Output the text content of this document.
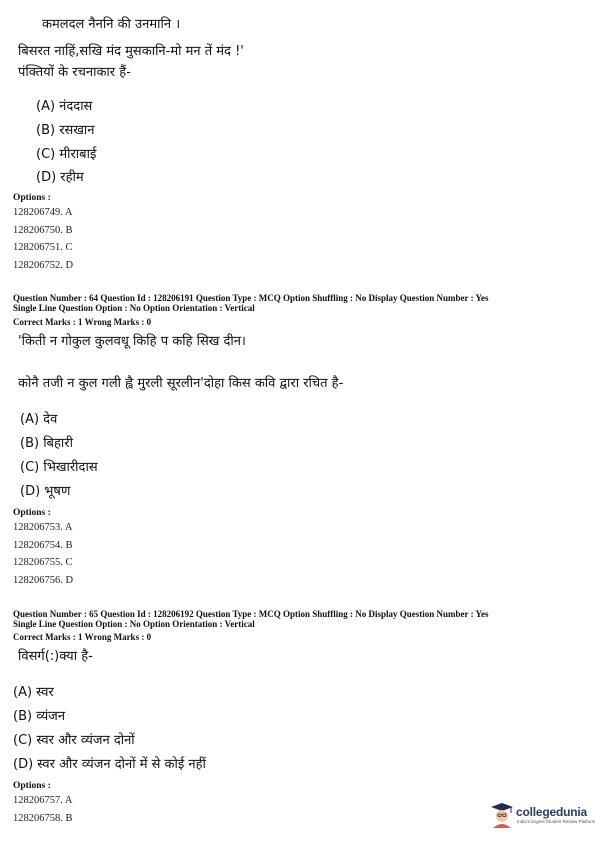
कमलदल नैननि की उनमानि ।
बिसरत नाहिं,सखि मंद मुसकानि-मो मन तें मंद !'
पंक्तियों के रचनाकार हैं-
(A) नंददास
(B) रसखान
(C) मीराबाई
(D) रहीम
Options :
128206749. A
128206750. B
128206751. C
128206752. D
Question Number : 64 Question Id : 128206191 Question Type : MCQ Option Shuffling : No Display Question Number : Yes
Single Line Question Option : No Option Orientation : Vertical
Correct Marks : 1 Wrong Marks : 0
'किती न गोकुल कुलवधू किहि प कहि सिख दीन।
कोनै तजी न कुल गली ह्वै मुरली सूरलीन'दोहा किस कवि द्वारा रचित है-
(A) देव
(B) बिहारी
(C) भिखारीदास
(D) भूषण
Options :
128206753. A
128206754. B
128206755. C
128206756. D
Question Number : 65 Question Id : 128206192 Question Type : MCQ Option Shuffling : No Display Question Number : Yes
Single Line Question Option : No Option Orientation : Vertical
Correct Marks : 1 Wrong Marks : 0
विसर्ग(:)क्या है-
(A) स्वर
(B) व्यंजन
(C) स्वर और व्यंजन दोनों
(D) स्वर और व्यंजन दोनों में से कोई नहीं
Options :
128206757. A
128206758. B	collegedunia
India's largest Student Review Platform
